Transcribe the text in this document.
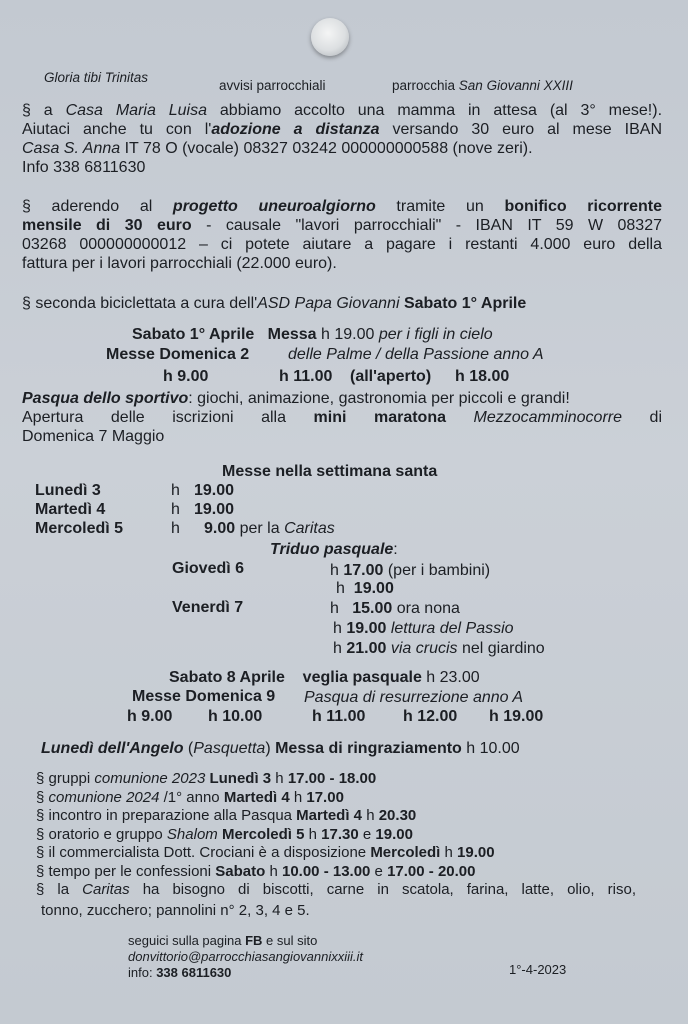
Gloria tibi Trinitas
avvisi parrocchiali	parrocchia San Giovanni XXIII
§ a Casa Maria Luisa abbiamo accolto una mamma in attesa (al 3° mese!).
Aiutaci anche tu con l'adozione a distanza versando 30 euro al mese IBAN
Casa S. Anna IT 78 O (vocale) 08327 03242 000000000588 (nove zeri).
Info 338 6811630
§ aderendo al progetto uneuroalgiorno tramite un bonifico ricorrente
mensile di 30 euro - causale "lavori parrocchiali" - IBAN IT 59 W 08327
03268 000000000012 – ci potete aiutare a pagare i restanti 4.000 euro della
fattura per i lavori parrocchiali (22.000 euro).
§ seconda biciclettata a cura dell'ASD Papa Giovanni Sabato 1° Aprile
Sabato 1° Aprile Messa h 19.00 per i figli in cielo
Messe Domenica 2 delle Palme / della Passione anno A
h 9.00	h 11.00 (all'aperto) h 18.00
Pasqua dello sportivo: giochi, animazione, gastronomia per piccoli e grandi!
Apertura delle iscrizioni alla mini maratona Mezzocamminocorre di
Domenica 7 Maggio
Messe nella settimana santa
Lunedì 3	h 19.00
Martedì 4	h 19.00
Mercoledì 5	h 9.00 per la Caritas
Triduo pasquale:
Giovedì 6	h 17.00 (per i bambini)
h  19.00
Venerdì 7	h   15.00 ora nona
h 19.00 lettura del Passio
h 21.00 via crucis nel giardino
Sabato 8 Aprile veglia pasquale h 23.00
Messe Domenica 9 Pasqua di resurrezione anno A
h 9.00 h 10.00	h 11.00 h 12.00 h 19.00
Lunedì dell'Angelo (Pasquetta) Messa di ringraziamento h 10.00
§ gruppi comunione 2023 Lunedì 3 h 17.00 - 18.00
§ comunione 2024 /1° anno Martedì 4 h 17.00
§ incontro in preparazione alla Pasqua Martedì 4 h 20.30
§ oratorio e gruppo Shalom Mercoledì 5 h 17.30 e 19.00
§ il commercialista Dott. Crociani è a disposizione Mercoledì h 19.00
§ tempo per le confessioni Sabato h 10.00 - 13.00 e 17.00 - 20.00
§ la Caritas ha bisogno di biscotti, carne in scatola, farina, latte, olio, riso,
tonno, zucchero; pannolini n° 2, 3, 4 e 5.
seguici sulla pagina FB e sul sito
donvittorio@parrocchiasangiovannixxiii.it
info: 338 6811630	1°-4-2023
